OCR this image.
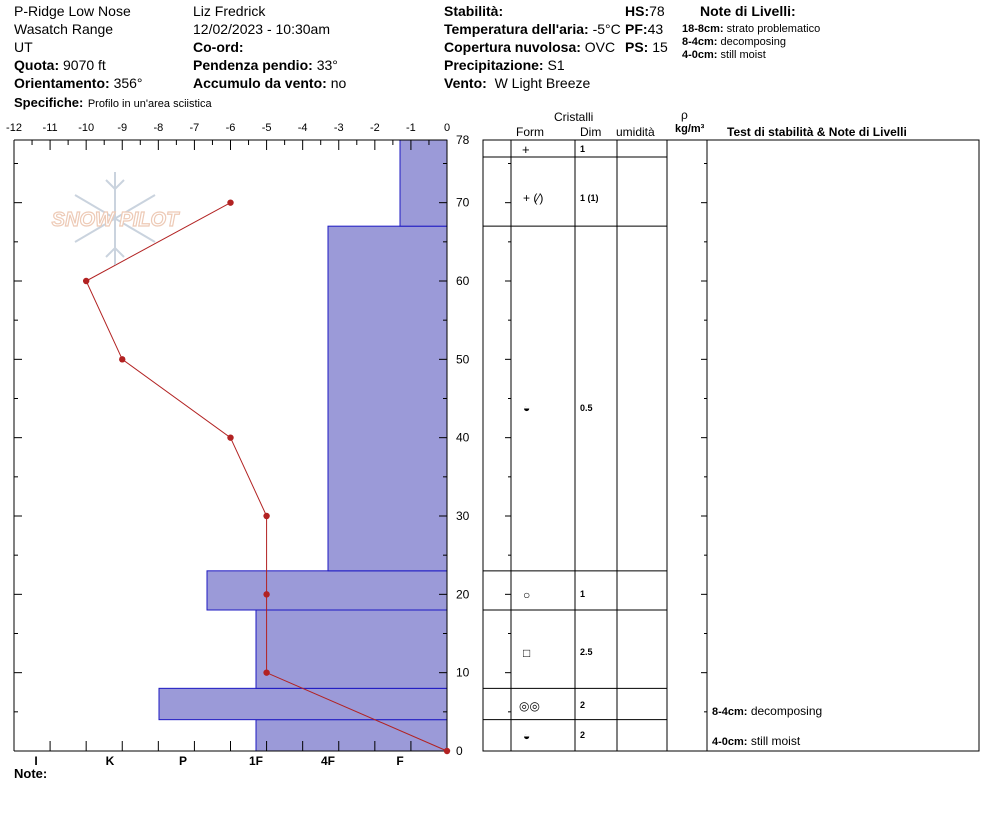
P-Ridge Low Nose
Wasatch Range
UT
Quota: 9070 ft
Orientamento: 356°
Specifiche: Profilo in un'area sciistica
Liz Fredrick
12/02/2023 - 10:30am
Co-ord:
Pendenza pendio: 33°
Accumulo da vento: no
Stabilità:
Temperatura dell'aria: -5°C
Copertura nuvolosa: OVC
Precipitazione: S1
Vento: W Light Breeze
HS:78
PF:43
PS: 15
Note di Livelli:
18-8cm: strato problematico
8-4cm: decomposing
4-0cm: still moist
Cristalli
Form	Dim umidità
ρ
kg/m³ Test di stabilità & Note di Livelli
+	1
+ (⁄)	1 (1)
◒	0.5
○	1
□	2.5
◎◎	2
◒	2
8-4cm: decomposing
4-0cm: still moist
Note:
-12 -11 -10 -9 -8 -7 -6 -5 -4 -3 -2 -1	0
0
10
20
30
40
50
60
70
78
I	K	P	1F	4F	F
SNOW PILOT
